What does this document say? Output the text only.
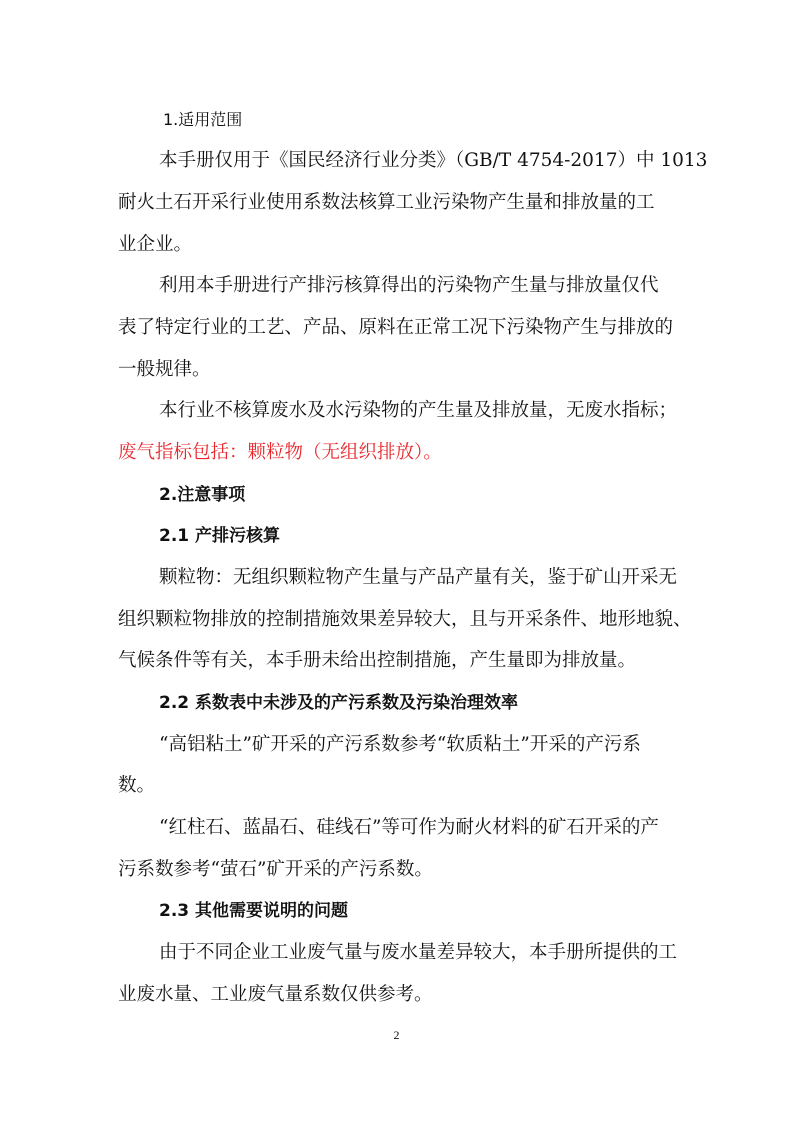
1.适用范围
本手册仅用于《国民经济行业分类》（GB/T 4754-2017）中 1013
耐火土石开采行业使用系数法核算工业污染物产生量和排放量的工
业企业。
利用本手册进行产排污核算得出的污染物产生量与排放量仅代
表了特定行业的工艺、产品、原料在正常工况下污染物产生与排放的
一般规律。
本行业不核算废水及水污染物的产生量及排放量，无废水指标；
废气指标包括：颗粒物（无组织排放）。
2.注意事项
2.1 产排污核算
颗粒物：无组织颗粒物产生量与产品产量有关，鉴于矿山开采无
组织颗粒物排放的控制措施效果差异较大，且与开采条件、地形地貌、
气候条件等有关，本手册未给出控制措施，产生量即为排放量。
2.2 系数表中未涉及的产污系数及污染治理效率
“高铝粘土”矿开采的产污系数参考“软质粘土”开采的产污系
数。
“红柱石、蓝晶石、硅线石”等可作为耐火材料的矿石开采的产
污系数参考“萤石”矿开采的产污系数。
2.3 其他需要说明的问题
由于不同企业工业废气量与废水量差异较大，本手册所提供的工
业废水量、工业废气量系数仅供参考。
2
